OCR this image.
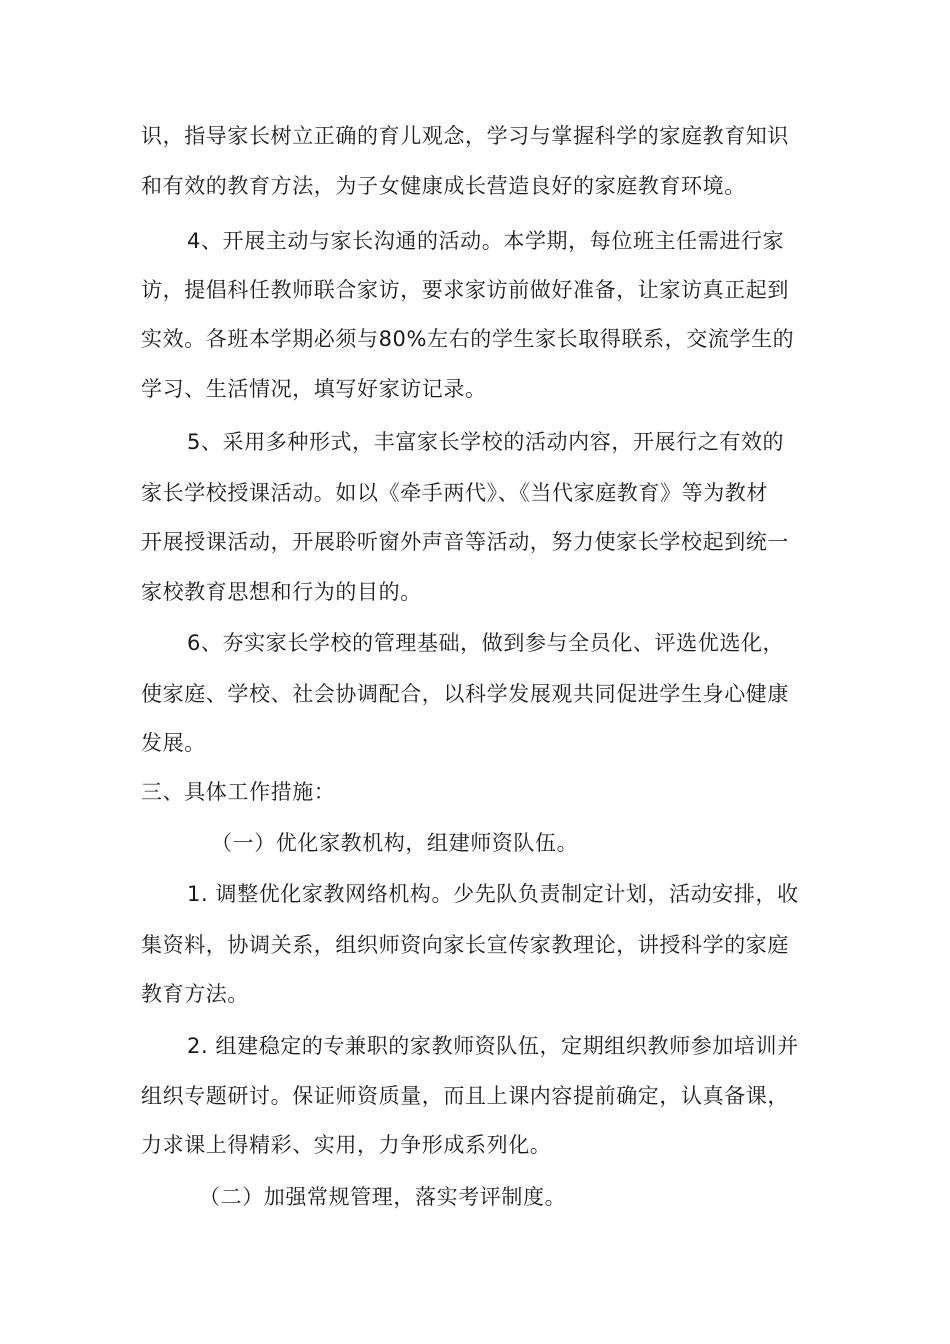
识，指导家长树立正确的育儿观念，学习与掌握科学的家庭教育知识
和有效的教育方法，为子女健康成长营造良好的家庭教育环境。
4、开展主动与家长沟通的活动。本学期，每位班主任需进行家
访，提倡科任教师联合家访，要求家访前做好准备，让家访真正起到
实效。各班本学期必须与80%左右的学生家长取得联系，交流学生的
学习、生活情况，填写好家访记录。
5、采用多种形式，丰富家长学校的活动内容，开展行之有效的
家长学校授课活动。如以《牵手两代》、《当代家庭教育》等为教材
开展授课活动，开展聆听窗外声音等活动，努力使家长学校起到统一
家校教育思想和行为的目的。
6、夯实家长学校的管理基础，做到参与全员化、评选优选化，
使家庭、学校、社会协调配合，以科学发展观共同促进学生身心健康
发展。
三、具体工作措施：
（一）优化家教机构，组建师资队伍。
1. 调整优化家教网络机构。少先队负责制定计划，活动安排，收
集资料，协调关系，组织师资向家长宣传家教理论，讲授科学的家庭
教育方法。
2. 组建稳定的专兼职的家教师资队伍，定期组织教师参加培训并
组织专题研讨。保证师资质量，而且上课内容提前确定，认真备课，
力求课上得精彩、实用，力争形成系列化。
（二）加强常规管理，落实考评制度。
